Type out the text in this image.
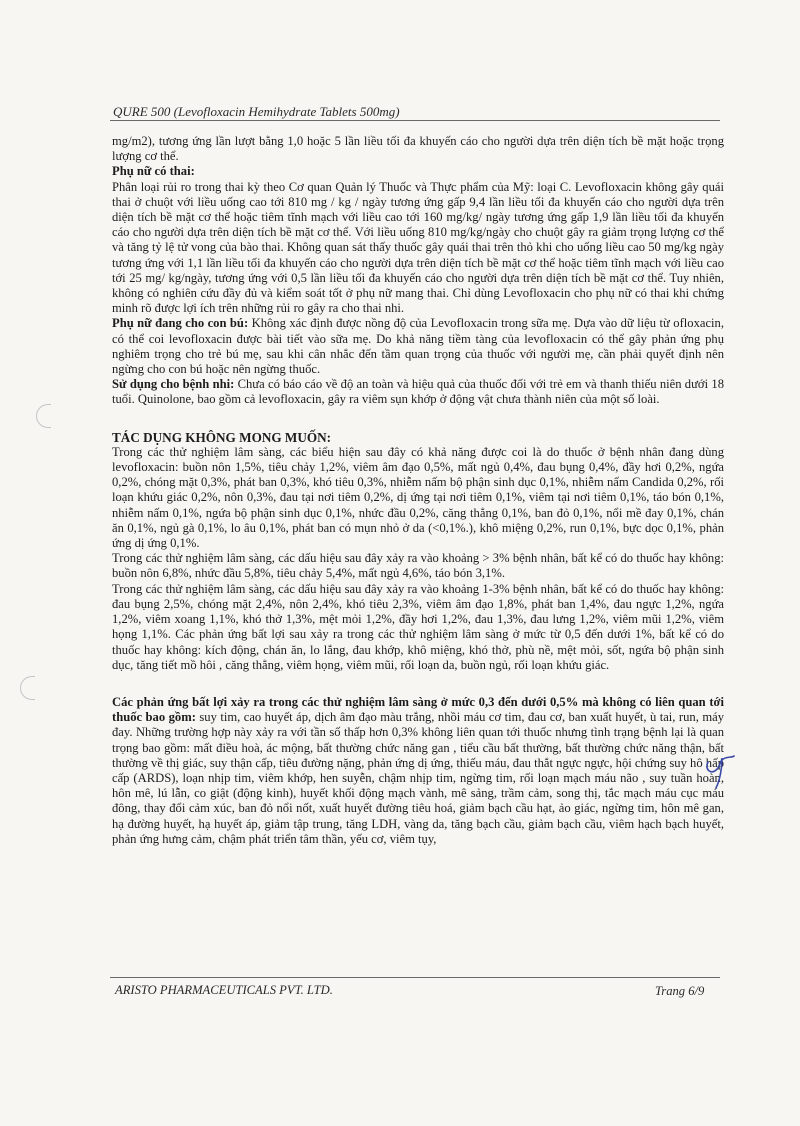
QURE 500 (Levofloxacin Hemihydrate Tablets 500mg)

mg/m2), tương ứng lần lượt bằng 1,0 hoặc 5 lần liều tối đa khuyến cáo cho người dựa trên diện tích bề mặt hoặc trọng lượng cơ thể.

Phụ nữ có thai:

Phân loại rủi ro trong thai kỳ theo Cơ quan Quản lý Thuốc và Thực phẩm của Mỹ: loại C. Levofloxacin không gây quái thai ở chuột với liều uống cao tới 810 mg / kg / ngày tương ứng gấp 9,4 lần liều tối đa khuyến cáo cho người dựa trên diện tích bề mặt cơ thể hoặc tiêm tĩnh mạch với liều cao tới 160 mg/kg/ ngày tương ứng gấp 1,9 lần liều tối đa khuyến cáo cho người dựa trên diện tích bề mặt cơ thể. Với liều uống 810 mg/kg/ngày cho chuột gây ra giảm trọng lượng cơ thể và tăng tỷ lệ tử vong của bào thai. Không quan sát thấy thuốc gây quái thai trên thỏ khi cho uống liều cao 50 mg/kg ngày tương ứng với 1,1 lần liều tối đa khuyến cáo cho người dựa trên diện tích bề mặt cơ thể hoặc tiêm tĩnh mạch với liều cao tới 25 mg/ kg/ngày, tương ứng với 0,5 lần liều tối đa khuyến cáo cho người dựa trên diện tích bề mặt cơ thể. Tuy nhiên, không có nghiên cứu đầy đủ và kiểm soát tốt ở phụ nữ mang thai. Chỉ dùng Levofloxacin cho phụ nữ có thai khi chứng minh rõ được lợi ích trên những rủi ro gây ra cho thai nhi.

Phụ nữ đang cho con bú: Không xác định được nồng độ của Levofloxacin trong sữa mẹ. Dựa vào dữ liệu từ ofloxacin, có thể coi levofloxacin được bài tiết vào sữa mẹ. Do khả năng tiềm tàng của levofloxacin có thể gây phản ứng phụ nghiêm trọng cho trẻ bú mẹ, sau khi cân nhắc đến tầm quan trọng của thuốc với người mẹ, cần phải quyết định nên ngừng cho con bú hoặc nên ngừng thuốc.

Sử dụng cho bệnh nhi: Chưa có báo cáo về độ an toàn và hiệu quả của thuốc đối với trẻ em và thanh thiếu niên dưới 18 tuổi. Quinolone, bao gồm cả levofloxacin, gây ra viêm sụn khớp ở động vật chưa thành niên của một số loài.

TÁC DỤNG KHÔNG MONG MUỐN:

Trong các thử nghiệm lâm sàng, các biểu hiện sau đây có khả năng được coi là do thuốc ở bệnh nhân đang dùng levofloxacin: buồn nôn 1,5%, tiêu chảy 1,2%, viêm âm đạo 0,5%, mất ngủ 0,4%, đau bụng 0,4%, đầy hơi 0,2%, ngứa 0,2%, chóng mặt 0,3%, phát ban 0,3%, khó tiêu 0,3%, nhiễm nấm bộ phận sinh dục 0,1%, nhiễm nấm Candida 0,2%, rối loạn khứu giác 0,2%, nôn 0,3%, đau tại nơi tiêm 0,2%, dị ứng tại nơi tiêm 0,1%, viêm tại nơi tiêm 0,1%, táo bón 0,1%, nhiễm nấm 0,1%, ngứa bộ phận sinh dục 0,1%, nhức đầu 0,2%, căng thẳng 0,1%, ban đỏ 0,1%, nổi mề đay 0,1%, chán ăn 0,1%, ngủ gà 0,1%, lo âu 0,1%, phát ban có mụn nhỏ ở da (<0,1%.), khô miệng 0,2%, run 0,1%, bực dọc 0,1%, phản ứng dị ứng 0,1%.

Trong các thử nghiệm lâm sàng, các dấu hiệu sau đây xảy ra vào khoảng > 3% bệnh nhân, bất kể có do thuốc hay không: buồn nôn 6,8%, nhức đầu 5,8%, tiêu chảy 5,4%, mất ngủ 4,6%, táo bón 3,1%.

Trong các thử nghiệm lâm sàng, các dấu hiệu sau đây xảy ra vào khoảng 1-3% bệnh nhân, bất kể có do thuốc hay không: đau bụng 2,5%, chóng mặt 2,4%, nôn 2,4%, khó tiêu 2,3%, viêm âm đạo 1,8%, phát ban 1,4%, đau ngực 1,2%, ngứa 1,2%, viêm xoang 1,1%, khó thở 1,3%, mệt mỏi 1,2%, đầy hơi 1,2%, đau 1,3%, đau lưng 1,2%, viêm mũi 1,2%, viêm họng 1,1%. Các phản ứng bất lợi sau xảy ra trong các thử nghiệm lâm sàng ở mức từ 0,5 đến dưới 1%, bất kể có do thuốc hay không: kích động, chán ăn, lo lắng, đau khớp, khô miệng, khó thở, phù nề, mệt mỏi, sốt, ngứa bộ phận sinh dục, tăng tiết mồ hôi , căng thẳng, viêm họng, viêm mũi, rối loạn da, buồn ngủ, rối loạn khứu giác.

Các phản ứng bất lợi xảy ra trong các thử nghiệm lâm sàng ở mức 0,3 đến dưới 0,5% mà không có liên quan tới thuốc bao gồm: suy tim, cao huyết áp, dịch âm đạo màu trắng, nhồi máu cơ tim, đau cơ, ban xuất huyết, ù tai, run, máy đay. Những trường hợp này xảy ra với tần số thấp hơn 0,3% không liên quan tới thuốc nhưng tình trạng bệnh lại là quan trọng bao gồm: mất điều hoà, ác mộng, bất thường chức năng gan , tiểu cầu bất thường, bất thường chức năng thận, bất thường về thị giác, suy thận cấp, tiêu đường nặng, phản ứng dị ứng, thiếu máu, đau thắt ngực ngực, hội chứng suy hô hấp cấp (ARDS), loạn nhịp tim, viêm khớp, hen suyễn, chậm nhịp tim, ngừng tim, rối loạn mạch máu não , suy tuần hoàn, hôn mê, lú lẫn, co giật (động kinh), huyết khối động mạch vành, mê sảng, trầm cảm, song thị, tắc mạch máu cục máu đông, thay đổi cảm xúc, ban đỏ nổi nốt, xuất huyết đường tiêu hoá, giảm bạch cầu hạt, ảo giác, ngừng tim, hôn mê gan, hạ đường huyết, hạ huyết áp, giảm tập trung, tăng LDH, vàng da, tăng bạch cầu, giảm bạch cầu, viêm hạch bạch huyết, phản ứng hưng cảm, chậm phát triển tâm thần, yếu cơ, viêm tụy,

ARISTO PHARMACEUTICALS PVT. LTD.	Trang 6/9
